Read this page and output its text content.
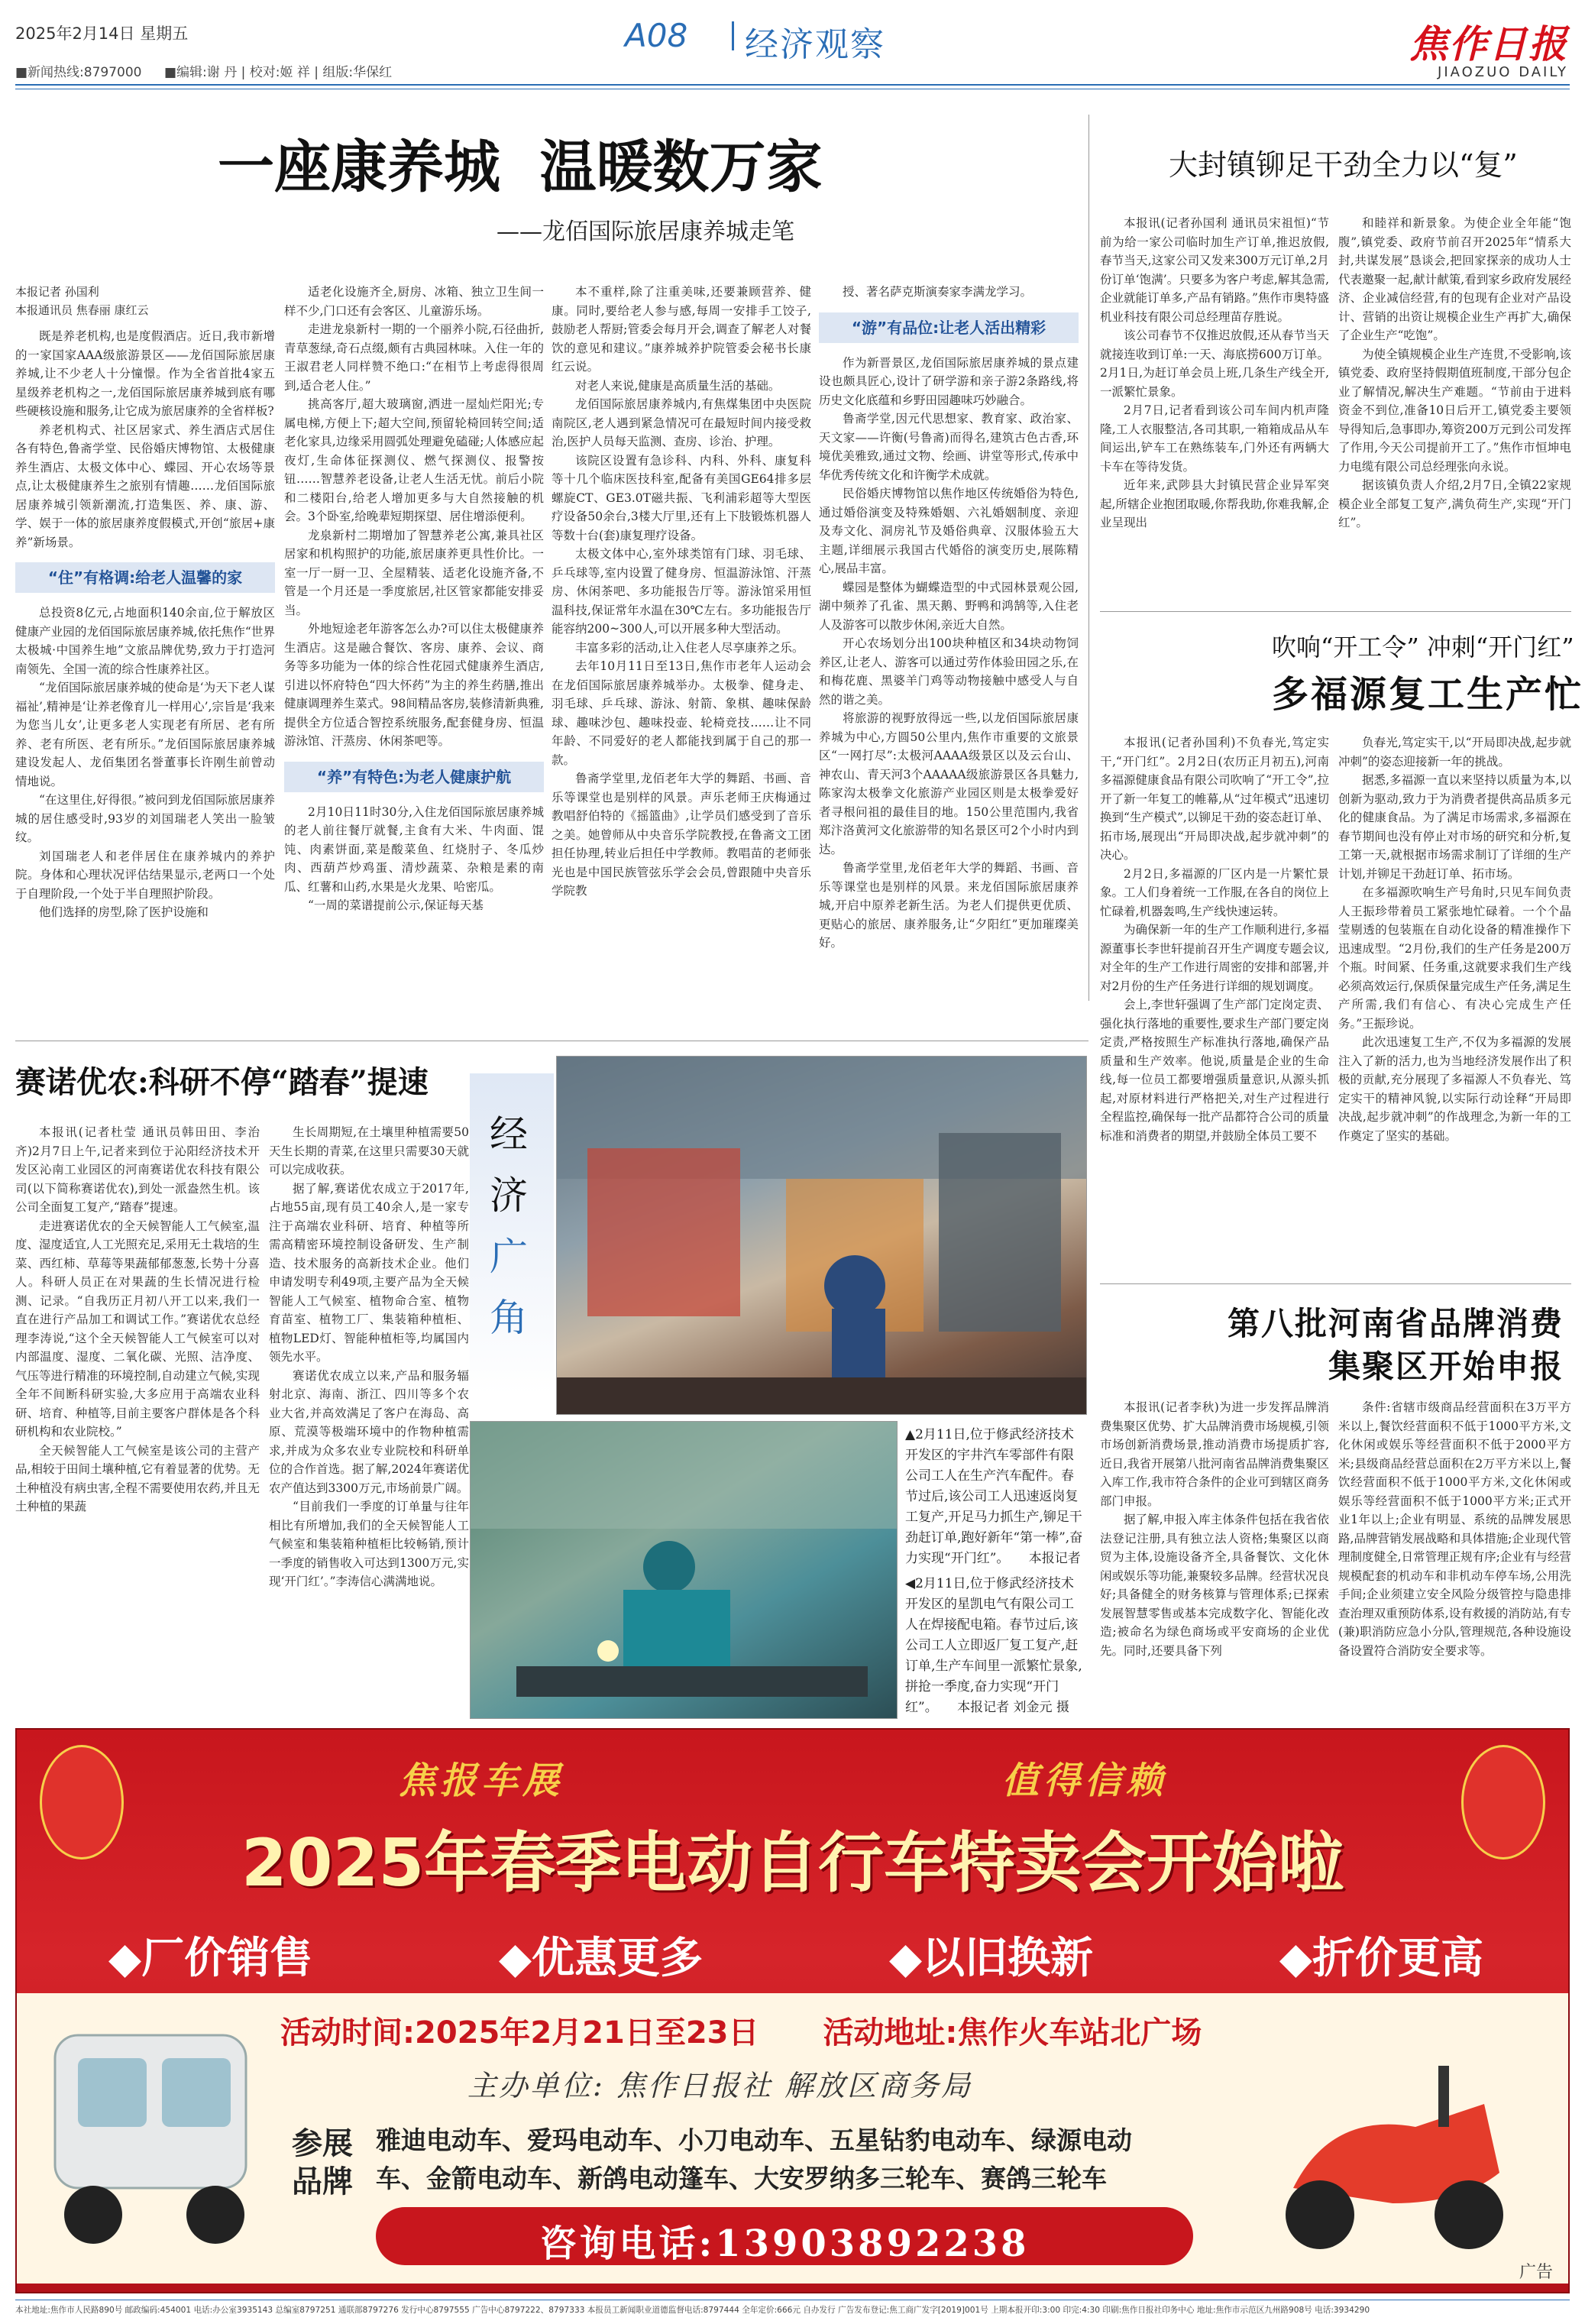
2025年2月14日 星期五	A08 经济观察
■新闻热线:8797000 ■编辑:谢 丹 | 校对:姬 祥 | 组版:华保红
焦作日报
JIAOZUO DAILY
一座康养城  温暖数万家
——龙佰国际旅居康养城走笔

本报记者 孙国利

本报通讯员 焦春丽 康红云

既是养老机构,也是度假酒店。近日,我市新增的一家国家AAA级旅游景区——龙佰国际旅居康养城,让不少老人十分憧憬。作为全省首批4家五星级养老机构之一,龙佰国际旅居康养城到底有哪些硬核设施和服务,让它成为旅居康养的全省样板?

养老机构式、社区居家式、养生酒店式居住各有特色,鲁斋学堂、民俗婚庆博物馆、太极健康养生酒店、太极文体中心、蝶园、开心农场等景点,让太极健康养生之旅别有情趣……龙佰国际旅居康养城引领新潮流,打造集医、养、康、游、学、娱于一体的旅居康养度假模式,开创“旅居+康养”新场景。

“住”有格调:给老人温馨的家

总投资8亿元,占地面积140余亩,位于解放区健康产业园的龙佰国际旅居康养城,依托焦作“世界太极城·中国养生地”文旅品牌优势,致力于打造河南领先、全国一流的综合性康养社区。

“龙佰国际旅居康养城的使命是‘为天下老人谋福祉’,精神是‘让养老像育儿一样用心’,宗旨是‘我来为您当儿女’,让更多老人实现老有所居、老有所养、老有所医、老有所乐。”龙佰国际旅居康养城建设发起人、龙佰集团名誉董事长许刚生前曾动情地说。

“在这里住,好得很。”被问到龙佰国际旅居康养城的居住感受时,93岁的刘国瑞老人笑出一脸皱纹。

刘国瑞老人和老伴居住在康养城内的养护院。身体和心理状况评估结果显示,老两口一个处于自理阶段,一个处于半自理照护阶段。

他们选择的房型,除了医护设施和

适老化设施齐全,厨房、冰箱、独立卫生间一样不少,门口还有会客区、儿童游乐场。

走进龙泉新村一期的一个丽养小院,石径曲折,青草葱绿,奇石点缀,颇有古典园林味。入住一年的王淑君老人同样赞不绝口:“在相节上考虑得很周到,适合老人住。”

挑高客厅,超大玻璃窗,洒进一屋灿烂阳光;专属电梯,方便上下;超大空间,预留轮椅回转空间;适老化家具,边缘采用圆弧处理避免磕碰;人体感应起夜灯,生命体征探测仪、燃气探测仪、报警按钮……智慧养老设备,让老人生活无忧。前后小院和二楼阳台,给老人增加更多与大自然接触的机会。3个卧室,给晚辈短期探望、居住增添便利。

龙泉新村二期增加了智慧养老公寓,兼具社区居家和机构照护的功能,旅居康养更具性价比。一室一厅一厨一卫、全屋精装、适老化设施齐备,不管是一个月还是一季度旅居,社区管家都能安排妥当。

外地短途老年游客怎么办?可以住太极健康养生酒店。这是融合餐饮、客房、康养、会议、商务等多功能为一体的综合性花园式健康养生酒店,引进以怀府特色“四大怀药”为主的养生药膳,推出健康调理养生菜式。98间精品客房,装修清新典雅,提供全方位适合智控系统服务,配套健身房、恒温游泳馆、汗蒸房、休闲茶吧等。

“养”有特色:为老人健康护航

2月10日11时30分,入住龙佰国际旅居康养城的老人前往餐厅就餐,主食有大米、牛肉面、馄饨、肉素饼面,菜是酸菜鱼、红烧肘子、冬瓜炒肉、西葫芦炒鸡蛋、清炒蔬菜、杂粮是素的南瓜、红薯和山药,水果是火龙果、哈密瓜。

“一周的菜谱提前公示,保证每天基

本不重样,除了注重美味,还要兼顾营养、健康。同时,要给老人参与感,每周一安排手工饺子,鼓励老人帮厨;管委会每月开会,调查了解老人对餐饮的意见和建议。”康养城养护院管委会秘书长康红云说。

对老人来说,健康是高质量生活的基础。

龙佰国际旅居康养城内,有焦煤集团中央医院南院区,老人遇到紧急情况可在最短时间内接受救治,医护人员每天监测、查房、诊治、护理。

该院区设置有急诊科、内科、外科、康复科等十几个临床医技科室,配备有美国GE64排多层螺旋CT、GE3.0T磁共振、飞利浦彩超等大型医疗设备50余台,3楼大厅里,还有上下肢锻炼机器人等数十台(套)康复理疗设备。

太极文体中心,室外球类馆有门球、羽毛球、乒乓球等,室内设置了健身房、恒温游泳馆、汗蒸房、休闲茶吧、多功能报告厅等。游泳馆采用恒温科技,保证常年水温在30℃左右。多功能报告厅能容纳200~300人,可以开展多种大型活动。

丰富多彩的活动,让入住老人尽享康养之乐。

去年10月11日至13日,焦作市老年人运动会在龙佰国际旅居康养城举办。太极拳、健身走、羽毛球、乒乓球、游泳、射箭、象棋、趣味保龄球、趣味沙包、趣味投壶、轮椅竞技……让不同年龄、不同爱好的老人都能找到属于自己的那一款。

鲁斋学堂里,龙佰老年大学的舞蹈、书画、音乐等课堂也是别样的风景。声乐老师王庆梅通过教唱舒伯特的《摇篮曲》,让学员们感受到了音乐之美。她曾师从中央音乐学院教授,在鲁斋文工团担任协理,转业后担任中学教师。教唱苗的老师张光也是中国民族管弦乐学会会员,曾跟随中央音乐学院教

授、著名萨克斯演奏家李满龙学习。

“游”有品位:让老人活出精彩

作为新晋景区,龙佰国际旅居康养城的景点建设也颇具匠心,设计了研学游和亲子游2条路线,将历史文化底蕴和乡野田园趣味巧妙融合。

鲁斋学堂,因元代思想家、教育家、政治家、天文家——许衡(号鲁斋)而得名,建筑古色古香,环境优美雅致,通过文物、绘画、讲堂等形式,传承中华优秀传统文化和许衡学术成就。

民俗婚庆博物馆以焦作地区传统婚俗为特色,通过婚俗演变及特殊婚姻、六礼婚姻制度、亲迎及寿文化、洞房礼节及婚俗典章、汉服体验五大主题,详细展示我国古代婚俗的演变历史,展陈精心,展品丰富。

蝶园是整体为蝴蝶造型的中式园林景观公园,湖中频养了孔雀、黑天鹅、野鸭和鸿鹄等,入住老人及游客可以散步休闲,亲近大自然。

开心农场划分出100块种植区和34块动物饲养区,让老人、游客可以通过劳作体验田园之乐,在和梅花鹿、黑婆羊门鸡等动物接触中感受人与自然的谐之美。

将旅游的视野放得远一些,以龙佰国际旅居康养城为中心,方圆50公里内,焦作市重要的文旅景区“一网打尽”:太极河AAAA级景区以及云台山、神农山、青天河3个AAAAA级旅游景区各具魅力,陈家沟太极拳文化旅游产业园区则是太极拳爱好者寻根问祖的最佳目的地。150公里范围内,我省郑汴洛黄河文化旅游带的知名景区可2个小时内到达。

鲁斋学堂里,龙佰老年大学的舞蹈、书画、音乐等课堂也是别样的风景。来龙佰国际旅居康养城,开启中原养老新生活。为老人们提供更优质、更贴心的旅居、康养服务,让“夕阳红”更加璀璨美好。

大封镇铆足干劲全力以“复”

本报讯(记者孙国利 通讯员宋祖恒)“节前为给一家公司临时加生产订单,推迟放假,春节当天,这家公司又发来300万元订单,2月份订单‘饱满’。只要多为客户考虑,解其急需,企业就能订单多,产品有销路。”焦作市奥特盛机业科技有限公司总经理苗存胜说。

该公司春节不仅推迟放假,还从春节当天就接连收到订单:一天、海底捞600万订单。2月1日,为赶订单会员上班,几条生产线全开,一派繁忙景象。

2月7日,记者看到该公司车间内机声隆隆,工人衣服整洁,各司其职,一箱箱成品从车间运出,铲车工在熟练装车,门外还有两辆大卡车在等待发货。

近年来,武陟县大封镇民营企业异军突起,所辖企业抱团取暖,你帮我助,你难我解,企业呈现出

和睦祥和新景象。为使企业全年能“饱腹”,镇党委、政府节前召开2025年“情系大封,共谋发展”恳谈会,把回家探亲的成功人士代表邀聚一起,献计献策,看到家乡政府发展经济、企业减信经营,有的包现有企业对产品设计、营销的出资让规模企业生产再扩大,确保了企业生产“吃饱”。

为使全镇规模企业生产连贯,不受影响,该镇党委、政府坚持假期值班制度,干部分包企业了解情况,解决生产难题。“节前由于进料资金不到位,准备10日后开工,镇党委主要领导得知后,急事即办,筹资200万元到公司发挥了作用,今天公司提前开工了。”焦作市恒坤电力电缆有限公司总经理张向永说。

据该镇负责人介绍,2月7日,全镇22家规模企业全部复工复产,满负荷生产,实现“开门红”。

吹响“开工令” 冲刺“开门红”
多福源复工生产忙

本报讯(记者孙国利)不负春光,笃定实干,“开门红”。2月2日(农历正月初五),河南多福源健康食品有限公司吹响了“开工令”,拉开了新一年复工的帷幕,从“过年模式”迅速切换到“生产模式”,以铆足干劲的姿态赶订单、拓市场,展现出“开局即决战,起步就冲刺”的决心。

2月2日,多福源的厂区内是一片繁忙景象。工人们身着统一工作服,在各自的岗位上忙碌着,机器轰鸣,生产线快速运转。

为确保新一年的生产工作顺利进行,多福源董事长李世轩提前召开生产调度专题会议,对全年的生产工作进行周密的安排和部署,并对2月份的生产任务进行详细的规划调度。

会上,李世轩强调了生产部门定岗定责、强化执行落地的重要性,要求生产部门要定岗定责,严格按照生产标准执行落地,确保产品质量和生产效率。他说,质量是企业的生命线,每一位员工都要增强质量意识,从源头抓起,对原材料进行严格把关,对生产过程进行全程监控,确保每一批产品都符合公司的质量标准和消费者的期望,并鼓励全体员工要不

负春光,笃定实干,以“开局即决战,起步就冲刺”的姿态迎接新一年的挑战。

据悉,多福源一直以来坚持以质量为本,以创新为驱动,致力于为消费者提供高品质多元化的健康食品。为了满足市场需求,多福源在春节期间也没有停止对市场的研究和分析,复工第一天,就根据市场需求制订了详细的生产计划,并铆足干劲赶订单、拓市场。

在多福源吹响生产号角时,只见车间负责人王振珍带着员工紧张地忙碌着。一个个晶莹剔透的包装瓶在自动化设备的精准操作下迅速成型。“2月份,我们的生产任务是200万个瓶。时间紧、任务重,这就要求我们生产线必须高效运行,保质保量完成生产任务,满足生产所需,我们有信心、有决心完成生产任务。”王振珍说。

此次迅速复工生产,不仅为多福源的发展注入了新的活力,也为当地经济发展作出了积极的贡献,充分展现了多福源人不负春光、笃定实干的精神风貌,以实际行动诠释“开局即决战,起步就冲刺”的作战理念,为新一年的工作奠定了坚实的基础。

第八批河南省品牌消费
集聚区开始申报

本报讯(记者李秋)为进一步发挥品牌消费集聚区优势、扩大品牌消费市场规模,引领市场创新消费场景,推动消费市场提质扩容,近日,我省开展第八批河南省品牌消费集聚区入库工作,我市符合条件的企业可到辖区商务部门申报。

据了解,申报入库主体条件包括在我省依法登记注册,具有独立法人资格;集聚区以商贸为主体,设施设备齐全,具备餐饮、文化休闲或娱乐等功能,兼聚较多品牌。经营状况良好;具备健全的财务核算与管理体系;已探索发展智慧零售或基本完成数字化、智能化改造;被命名为绿色商场或平安商场的企业优先。同时,还要具备下列

条件:省辖市级商品经营面积在3万平方米以上,餐饮经营面积不低于1000平方米,文化休闲或娱乐等经营面积不低于2000平方米;县级商品经营总面积在2万平方米以上,餐饮经营面积不低于1000平方米,文化休闲或娱乐等经营面积不低于1000平方米;正式开业1年以上;企业有明显、系统的品牌发展思路,品牌营销发展战略和具体措施;企业现代管理制度健全,日常管理正规有序;企业有与经营规模配套的机动车和非机动车停车场,公用洗手间;企业须建立安全风险分级管控与隐患排查治理双重预防体系,设有救援的消防站,有专(兼)职消防应急小分队,管理规范,各种设施设备设置符合消防安全要求等。

赛诺优农:科研不停“踏春”提速

本报讯(记者杜莹 通讯员韩田田、李治齐)2月7日上午,记者来到位于沁阳经济技术开发区沁南工业园区的河南赛诺优农科技有限公司(以下简称赛诺优农),到处一派盎然生机。该公司全面复工复产,“踏春”提速。

走进赛诺优农的全天候智能人工气候室,温度、湿度适宜,人工光照充足,采用无土栽培的生菜、西红柿、草莓等果蔬郁郁葱葱,长势十分喜人。科研人员正在对果蔬的生长情况进行检测、记录。“自我历正月初八开工以来,我们一直在进行产品加工和调试工作。”赛诺优农总经理李涛说,“这个全天候智能人工气候室可以对内部温度、湿度、二氧化碳、光照、洁净度、气压等进行精准的环境控制,自动建立气候,实现全年不间断科研实验,大多应用于高端农业科研、培育、种植等,目前主要客户群体是各个科研机构和农业院校。”

全天候智能人工气候室是该公司的主营产品,相较于田间土壤种植,它有着显著的优势。无土种植没有病虫害,全程不需要使用农药,并且无土种植的果蔬

生长周期短,在土壤里种植需要50天生长期的青菜,在这里只需要30天就可以完成收获。

据了解,赛诺优农成立于2017年,占地55亩,现有员工40余人,是一家专注于高端农业科研、培育、种植等所需高精密环境控制设备研发、生产制造、技术服务的高新技术企业。他们申请发明专利49项,主要产品为全天候智能人工气候室、植物命合室、植物育苗室、植物工厂、集装箱种植柜、植物LED灯、智能种植柜等,均属国内领先水平。

赛诺优农成立以来,产品和服务辐射北京、海南、浙江、四川等多个农业大省,并高效满足了客户在海岛、高原、荒漠等极端环境中的作物种植需求,并成为众多农业专业院校和科研单位的合作首选。据了解,2024年赛诺优农产值达到3300万元,市场前景广阔。

“目前我们一季度的订单量与往年相比有所增加,我们的全天候智能人工气候室和集装箱种植柜比较畅销,预计一季度的销售收入可达到1300万元,实现‘开门红’。”李涛信心满满地说。

经
济
广
角
▲2月11日,位于修武经济技术开发区的宇井汽车零部件有限公司工人在生产汽车配件。春节过后,该公司工人迅速返岗复工复产,开足马力抓生产,铆足干劲赶订单,跑好新年“第一棒”,奋力实现“开门红”。 本报记者
◀2月11日,位于修武经济技术开发区的星凯电气有限公司工人在焊接配电箱。春节过后,该公司工人立即返厂复工复产,赶订单,生产车间里一派繁忙景象,拼抢一季度,奋力实现“开门红”。 本报记者 刘金元 摄
焦报车展	值得信赖
2025年春季电动自行车特卖会开始啦
◆厂价销售	◆优惠更多	◆以旧换新	◆折价更高
活动时间:2025年2月21日至23日 活动地址:焦作火车站北广场
主办单位: 焦作日报社 解放区商务局
参展
品牌
雅迪电动车、爱玛电动车、小刀电动车、五星钻豹电动车、绿源电动
车、金箭电动车、新鸽电动篷车、大安罗纳多三轮车、赛鸽三轮车
咨询电话:13903892238
广告
本社地址:焦作市人民路890号 邮政编码:454001 电话:办公室3935143 总编室8797251 通联部8797276 发行中心8797555 广告中心8797222、8797333 本报员工新闻职业道德监督电话:8797444 全年定价:666元 自办发行 广告发布登记:焦工商广发字[2019]001号 上期本报开印:3:00 印完:4:30 印刷:焦作日报社印务中心 地址:焦作市示范区九州路908号 电话:3934290
